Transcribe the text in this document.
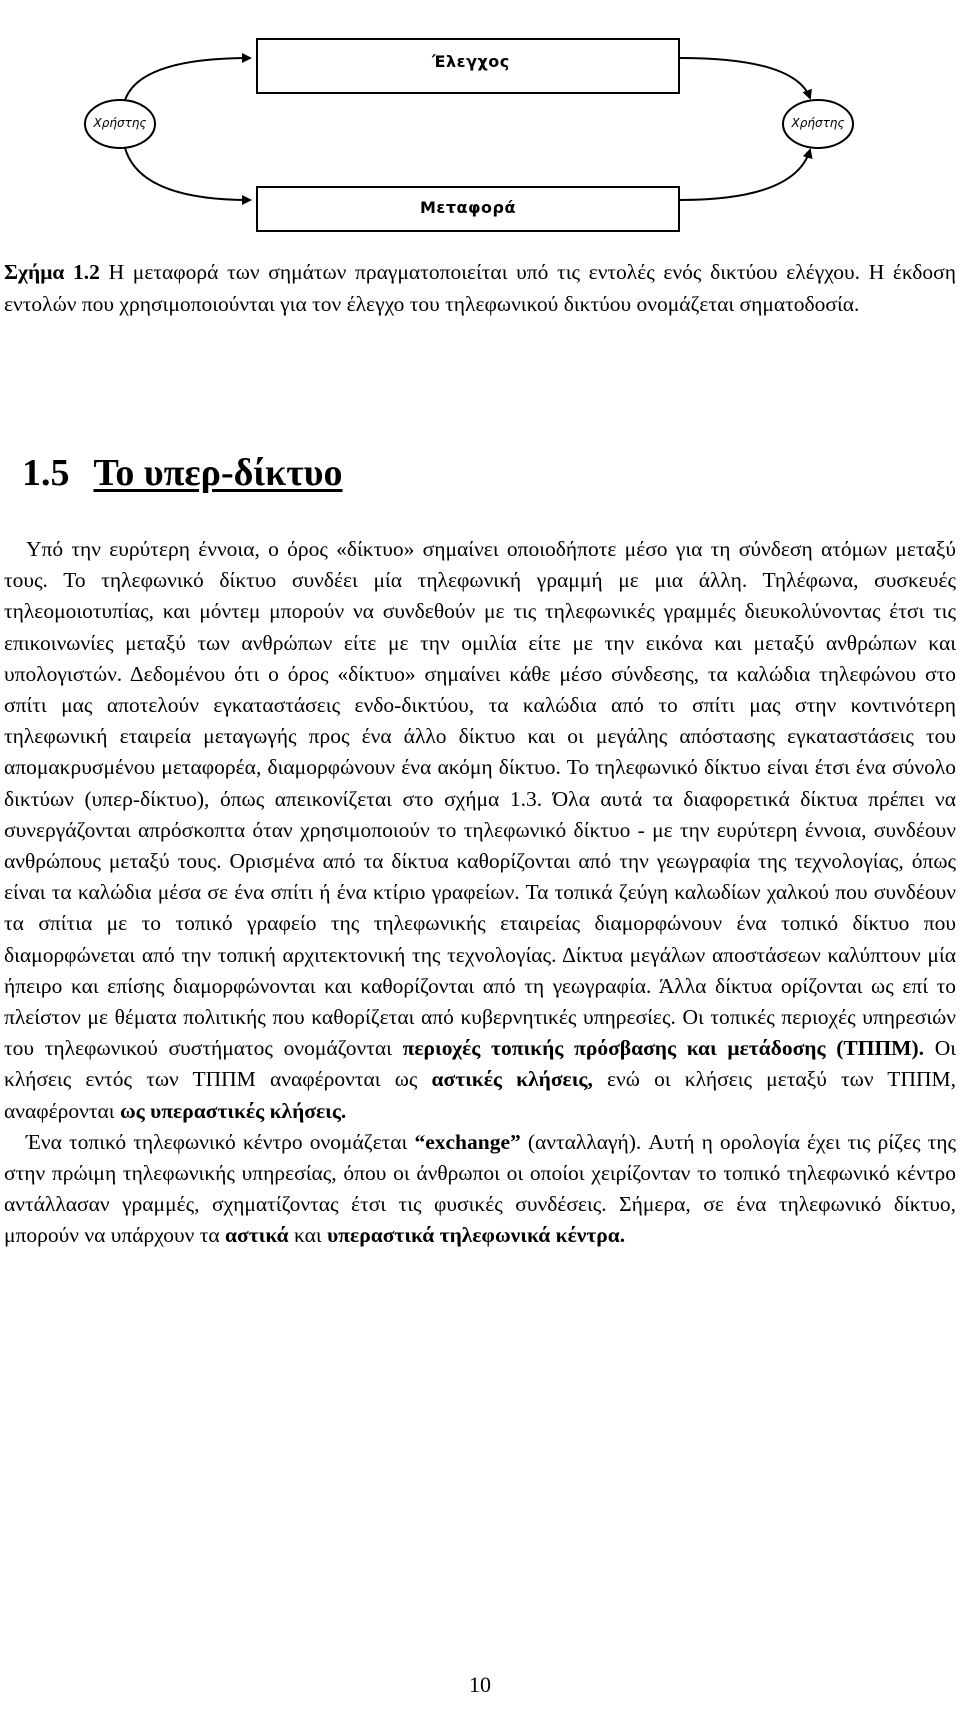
Έλεγχος
Μεταφορά
Χρήστης	Χρήστης
Σχήμα 1.2 Η μεταφορά των σημάτων πραγματοποιείται υπό τις εντολές ενός δικτύου ελέγχου. Η έκδοση εντολών που χρησιμοποιούνται για τον έλεγχο του τηλεφωνικού δικτύου ονομάζεται σηματοδοσία.
1.5 Το υπερ-δίκτυο

Υπό την ευρύτερη έννοια, ο όρος «δίκτυο» σημαίνει οποιοδήποτε μέσο για τη σύνδεση ατόμων μεταξύ τους. Το τηλεφωνικό δίκτυο συνδέει μία τηλεφωνική γραμμή με μια άλλη. Τηλέφωνα, συσκευές τηλεομοιοτυπίας, και μόντεμ μπορούν να συνδεθούν με τις τηλεφωνικές γραμμές διευκολύνοντας έτσι τις επικοινωνίες μεταξύ των ανθρώπων είτε με την ομιλία είτε με την εικόνα και μεταξύ ανθρώπων και υπολογιστών. Δεδομένου ότι ο όρος «δίκτυο» σημαίνει κάθε μέσο σύνδεσης, τα καλώδια τηλεφώνου στο σπίτι μας αποτελούν εγκαταστάσεις ενδο-δικτύου, τα καλώδια από το σπίτι μας στην κοντινότερη τηλεφωνική εταιρεία μεταγωγής προς ένα άλλο δίκτυο και οι μεγάλης απόστασης εγκαταστάσεις του απομακρυσμένου μεταφορέα, διαμορφώνουν ένα ακόμη δίκτυο. Το τηλεφωνικό δίκτυο είναι έτσι ένα σύνολο δικτύων (υπερ-δίκτυο), όπως απεικονίζεται στο σχήμα 1.3. Όλα αυτά τα διαφορετικά δίκτυα πρέπει να συνεργάζονται απρόσκοπτα όταν χρησιμοποιούν το τηλεφωνικό δίκτυο - με την ευρύτερη έννοια, συνδέουν ανθρώπους μεταξύ τους. Ορισμένα από τα δίκτυα καθορίζονται από την γεωγραφία της τεχνολογίας, όπως είναι τα καλώδια μέσα σε ένα σπίτι ή ένα κτίριο γραφείων. Τα τοπικά ζεύγη καλωδίων χαλκού που συνδέουν τα σπίτια με το τοπικό γραφείο της τηλεφωνικής εταιρείας διαμορφώνουν ένα τοπικό δίκτυο που διαμορφώνεται από την τοπική αρχιτεκτονική της τεχνολογίας. Δίκτυα μεγάλων αποστάσεων καλύπτουν μία ήπειρο και επίσης διαμορφώνονται και καθορίζονται από τη γεωγραφία. Άλλα δίκτυα ορίζονται ως επί το πλείστον με θέματα πολιτικής που καθορίζεται από κυβερνητικές υπηρεσίες. Οι τοπικές περιοχές υπηρεσιών του τηλεφωνικού συστήματος ονομάζονται περιοχές τοπικής πρόσβασης και μετάδοσης (ΤΠΠΜ). Οι κλήσεις εντός των ΤΠΠΜ αναφέρονται ως αστικές κλήσεις, ενώ οι κλήσεις μεταξύ των ΤΠΠΜ, αναφέρονται ως υπεραστικές κλήσεις.

Ένα τοπικό τηλεφωνικό κέντρο ονομάζεται “exchange” (ανταλλαγή). Αυτή η ορολογία έχει τις ρίζες της στην πρώιμη τηλεφωνικής υπηρεσίας, όπου οι άνθρωποι οι οποίοι χειρίζονταν το τοπικό τηλεφωνικό κέντρο αντάλλασαν γραμμές, σχηματίζοντας έτσι τις φυσικές συνδέσεις. Σήμερα, σε ένα τηλεφωνικό δίκτυο, μπορούν να υπάρχουν τα αστικά και υπεραστικά τηλεφωνικά κέντρα.

10
